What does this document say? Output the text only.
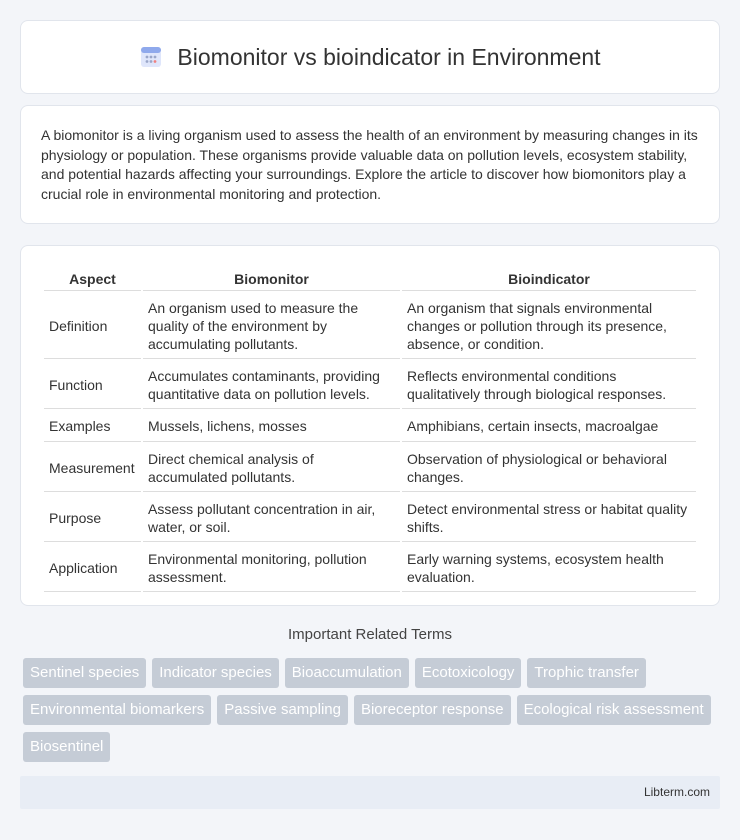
Biomonitor vs bioindicator in Environment

A biomonitor is a living organism used to assess the health of an environment by measuring changes in its physiology or population. These organisms provide valuable data on pollution levels, ecosystem stability, and potential hazards affecting your surroundings. Explore the article to discover how biomonitors play a crucial role in environmental monitoring and protection.

Aspect	Biomonitor	Bioindicator
Definition	An organism used to measure the quality of the environment by accumulating pollutants.	An organism that signals environmental changes or pollution through its presence, absence, or condition.
Function	Accumulates contaminants, providing quantitative data on pollution levels.	Reflects environmental conditions qualitatively through biological responses.
Examples	Mussels, lichens, mosses	Amphibians, certain insects, macroalgae
Measurement	Direct chemical analysis of accumulated pollutants.	Observation of physiological or behavioral changes.
Purpose	Assess pollutant concentration in air, water, or soil.	Detect environmental stress or habitat quality shifts.
Application	Environmental monitoring, pollution assessment.	Early warning systems, ecosystem health evaluation.
Important Related Terms
Sentinel species	Indicator species	Bioaccumulation	Ecotoxicology	Trophic transfer
Environmental biomarkers	Passive sampling	Bioreceptor response	Ecological risk assessment
Biosentinel
Libterm.com
